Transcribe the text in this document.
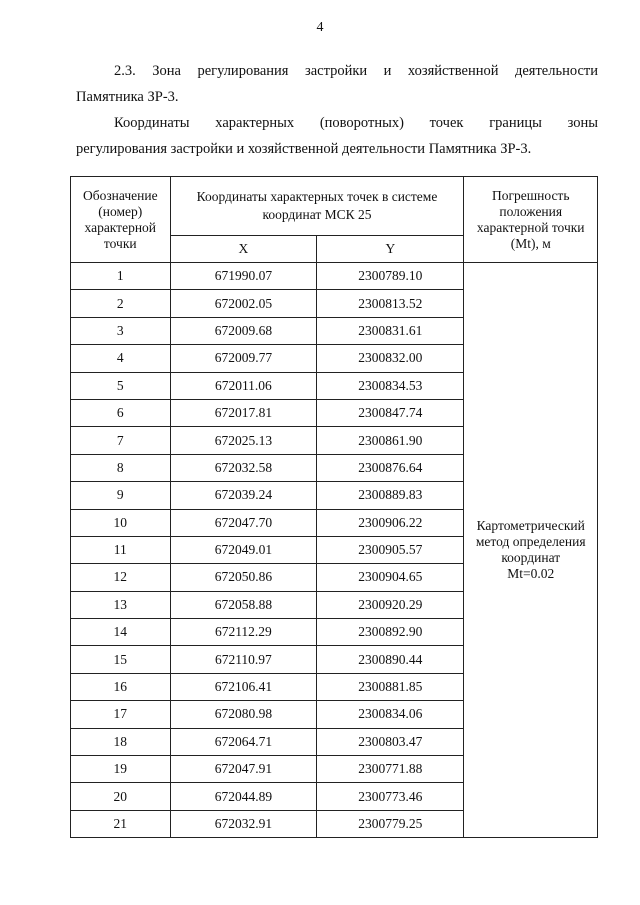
4
2.3. Зона регулирования застройки и хозяйственной деятельности
Памятника ЗР-3.
Координаты характерных (поворотных) точек границы зоны
регулирования застройки и хозяйственной деятельности Памятника ЗР-3.
Обозначение
(номер)
характерной
точки	Координаты характерных точек в системе
координат МСК 25		Погрешность
положения
характерной точки
(Mt), м
	X	Y	
1	671990.07	2300789.10	Картометрический
метод определения
координат
Mt=0.02
2	672002.05	2300813.52	
3	672009.68	2300831.61	
4	672009.77	2300832.00	
5	672011.06	2300834.53	
6	672017.81	2300847.74	
7	672025.13	2300861.90	
8	672032.58	2300876.64	
9	672039.24	2300889.83	
10	672047.70	2300906.22	
11	672049.01	2300905.57	
12	672050.86	2300904.65	
13	672058.88	2300920.29	
14	672112.29	2300892.90	
15	672110.97	2300890.44	
16	672106.41	2300881.85	
17	672080.98	2300834.06	
18	672064.71	2300803.47	
19	672047.91	2300771.88	
20	672044.89	2300773.46	
21	672032.91	2300779.25	
